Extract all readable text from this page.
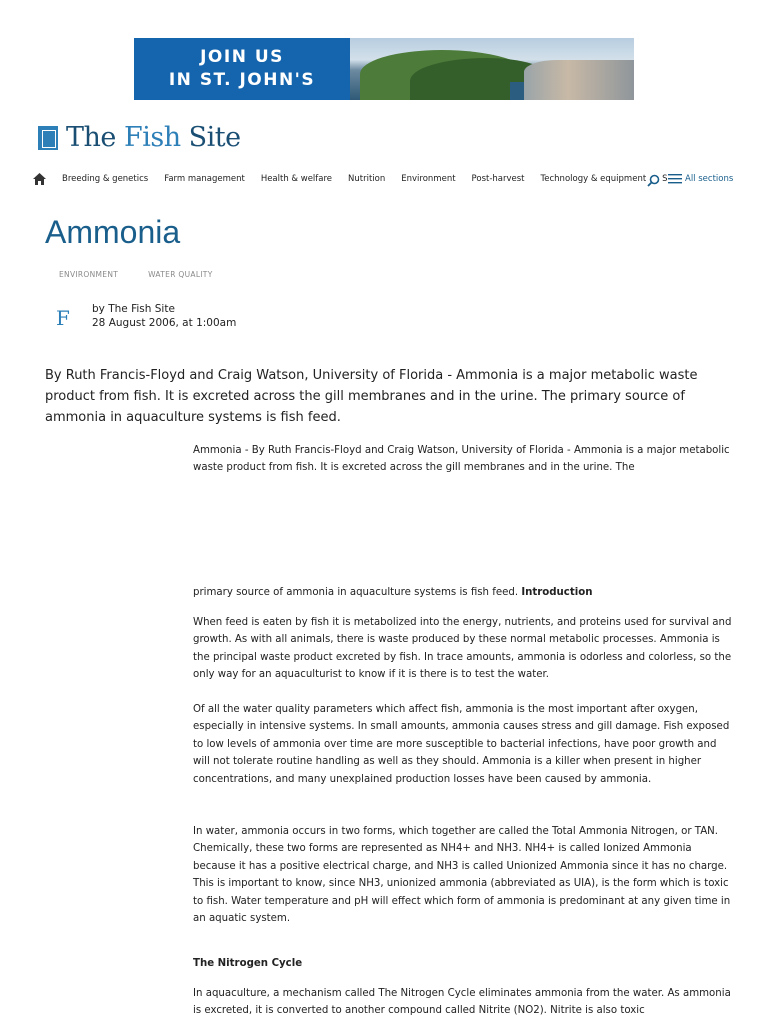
JOIN US
IN ST. JOHN'S
The Fish Site
Breeding & genetics Farm management Health & welfare Nutrition Environment Post-harvest Technology & equipment S All sections
Ammonia
ENVIRONMENT	WATER QUALITY
F	by The Fish Site
28 August 2006, at 1:00am

By Ruth Francis-Floyd and Craig Watson, University of Florida - Ammonia is a major metabolic waste product from fish. It is excreted across the gill membranes and in the urine. The primary source of ammonia in aquaculture systems is fish feed.

Ammonia - By Ruth Francis-Floyd and Craig Watson, University of Florida - Ammonia is a major metabolic waste product from fish. It is excreted across the gill membranes and in the urine. The

primary source of ammonia in aquaculture systems is fish feed. Introduction

When feed is eaten by fish it is metabolized into the energy, nutrients, and proteins used for survival and growth. As with all animals, there is waste produced by these normal metabolic processes. Ammonia is the principal waste product excreted by fish. In trace amounts, ammonia is odorless and colorless, so the only way for an aquaculturist to know if it is there is to test the water.

Of all the water quality parameters which affect fish, ammonia is the most important after oxygen, especially in intensive systems. In small amounts, ammonia causes stress and gill damage. Fish exposed to low levels of ammonia over time are more susceptible to bacterial infections, have poor growth and will not tolerate routine handling as well as they should. Ammonia is a killer when present in higher concentrations, and many unexplained production losses have been caused by ammonia.

In water, ammonia occurs in two forms, which together are called the Total Ammonia Nitrogen, or TAN. Chemically, these two forms are represented as NH4+ and NH3. NH4+ is called Ionized Ammonia because it has a positive electrical charge, and NH3 is called Unionized Ammonia since it has no charge. This is important to know, since NH3, unionized ammonia (abbreviated as UIA), is the form which is toxic to fish. Water temperature and pH will effect which form of ammonia is predominant at any given time in an aquatic system.

The Nitrogen Cycle

In aquaculture, a mechanism called The Nitrogen Cycle eliminates ammonia from the water. As ammonia is excreted, it is converted to another compound called Nitrite (NO2). Nitrite is also toxic
